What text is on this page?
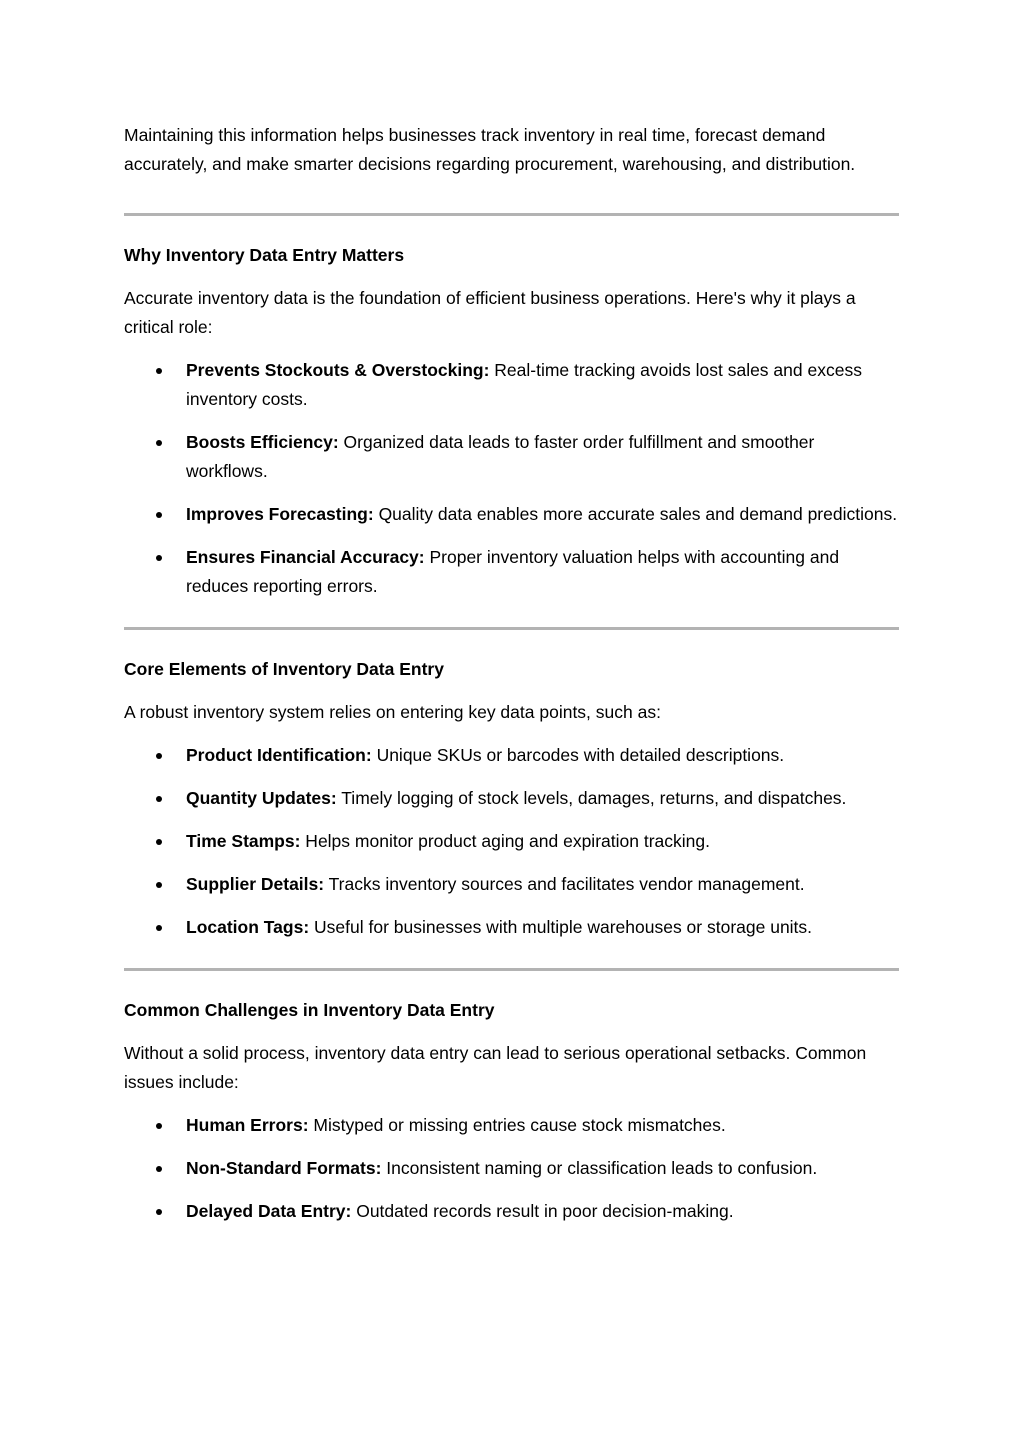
Maintaining this information helps businesses track inventory in real time, forecast demand accurately, and make smarter decisions regarding procurement, warehousing, and distribution.

Why Inventory Data Entry Matters

Accurate inventory data is the foundation of efficient business operations. Here's why it plays a critical role:

Prevents Stockouts & Overstocking: Real-time tracking avoids lost sales and excess inventory costs.
Boosts Efficiency: Organized data leads to faster order fulfillment and smoother workflows.
Improves Forecasting: Quality data enables more accurate sales and demand predictions.
Ensures Financial Accuracy: Proper inventory valuation helps with accounting and reduces reporting errors.
Core Elements of Inventory Data Entry

A robust inventory system relies on entering key data points, such as:

Product Identification: Unique SKUs or barcodes with detailed descriptions.
Quantity Updates: Timely logging of stock levels, damages, returns, and dispatches.
Time Stamps: Helps monitor product aging and expiration tracking.
Supplier Details: Tracks inventory sources and facilitates vendor management.
Location Tags: Useful for businesses with multiple warehouses or storage units.
Common Challenges in Inventory Data Entry

Without a solid process, inventory data entry can lead to serious operational setbacks. Common issues include:

Human Errors: Mistyped or missing entries cause stock mismatches.
Non-Standard Formats: Inconsistent naming or classification leads to confusion.
Delayed Data Entry: Outdated records result in poor decision-making.
